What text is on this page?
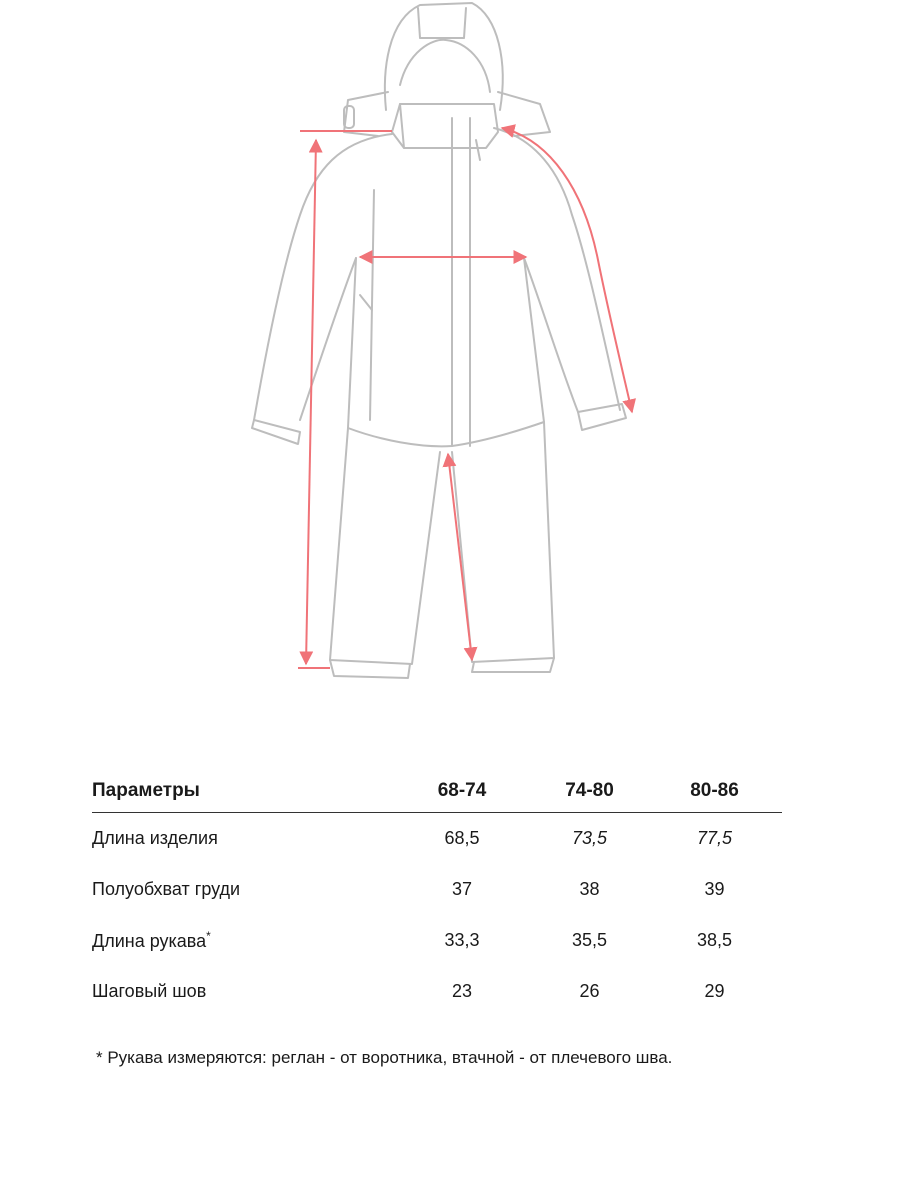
Параметры	68-74	74-80	80-86
Длина изделия	68,5	73,5	77,5
Полуобхват груди	37	38	39
Длина рукава*	33,3	35,5	38,5
Шаговый шов	23	26	29
* Рукава измеряются: реглан - от воротника, втачной - от плечевого шва.
